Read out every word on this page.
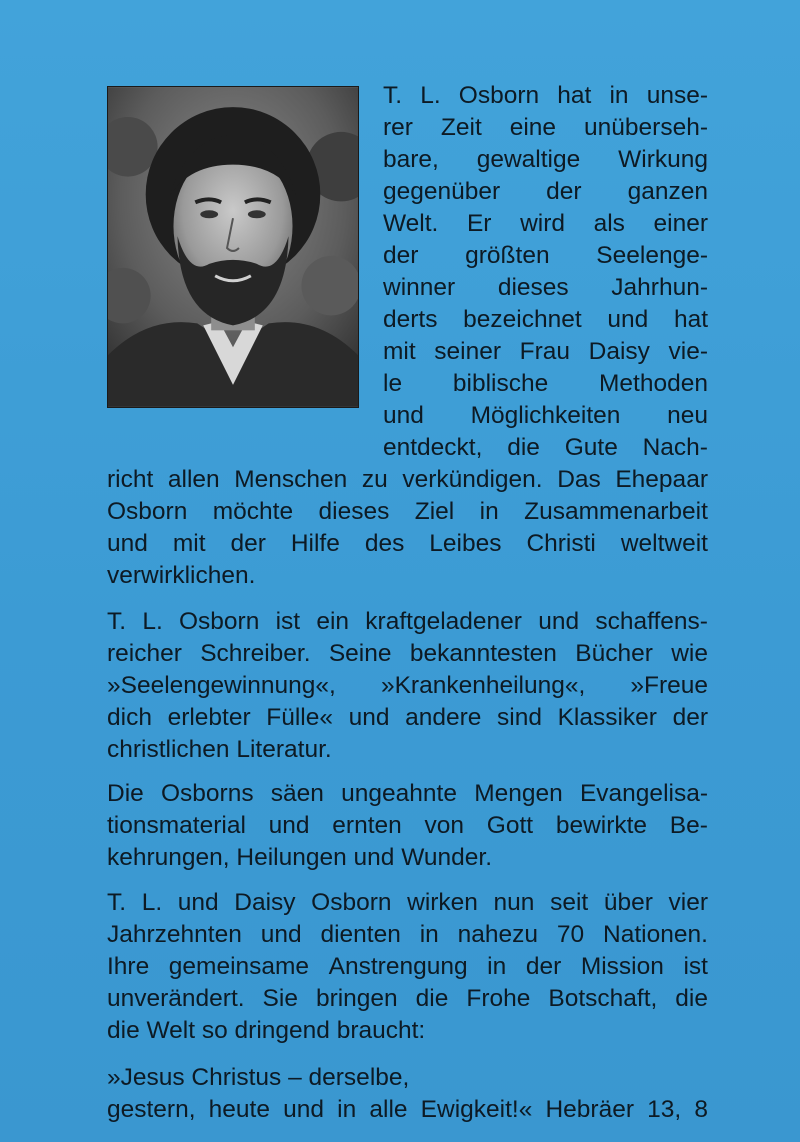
T. L. Osborn hat in unse-
rer Zeit eine unüberseh-
bare, gewaltige Wirkung
gegenüber der ganzen
Welt. Er wird als einer
der größten Seelenge-
winner dieses Jahrhun-
derts bezeichnet und hat
mit seiner Frau Daisy vie-
le biblische Methoden
und Möglichkeiten neu
entdeckt, die Gute Nach-
richt allen Menschen zu verkündigen. Das Ehepaar
Osborn möchte dieses Ziel in Zusammenarbeit
und mit der Hilfe des Leibes Christi weltweit
verwirklichen.
T. L. Osborn ist ein kraftgeladener und schaffens-
reicher Schreiber. Seine bekanntesten Bücher wie
»Seelengewinnung«, »Krankenheilung«, »Freue
dich erlebter Fülle« und andere sind Klassiker der
christlichen Literatur.
Die Osborns säen ungeahnte Mengen Evangelisa-
tionsmaterial und ernten von Gott bewirkte Be-
kehrungen, Heilungen und Wunder.
T. L. und Daisy Osborn wirken nun seit über vier
Jahrzehnten und dienten in nahezu 70 Nationen.
Ihre gemeinsame Anstrengung in der Mission ist
unverändert. Sie bringen die Frohe Botschaft, die
die Welt so dringend braucht:
»Jesus Christus – derselbe,
gestern, heute und in alle Ewigkeit!« Hebräer 13, 8
